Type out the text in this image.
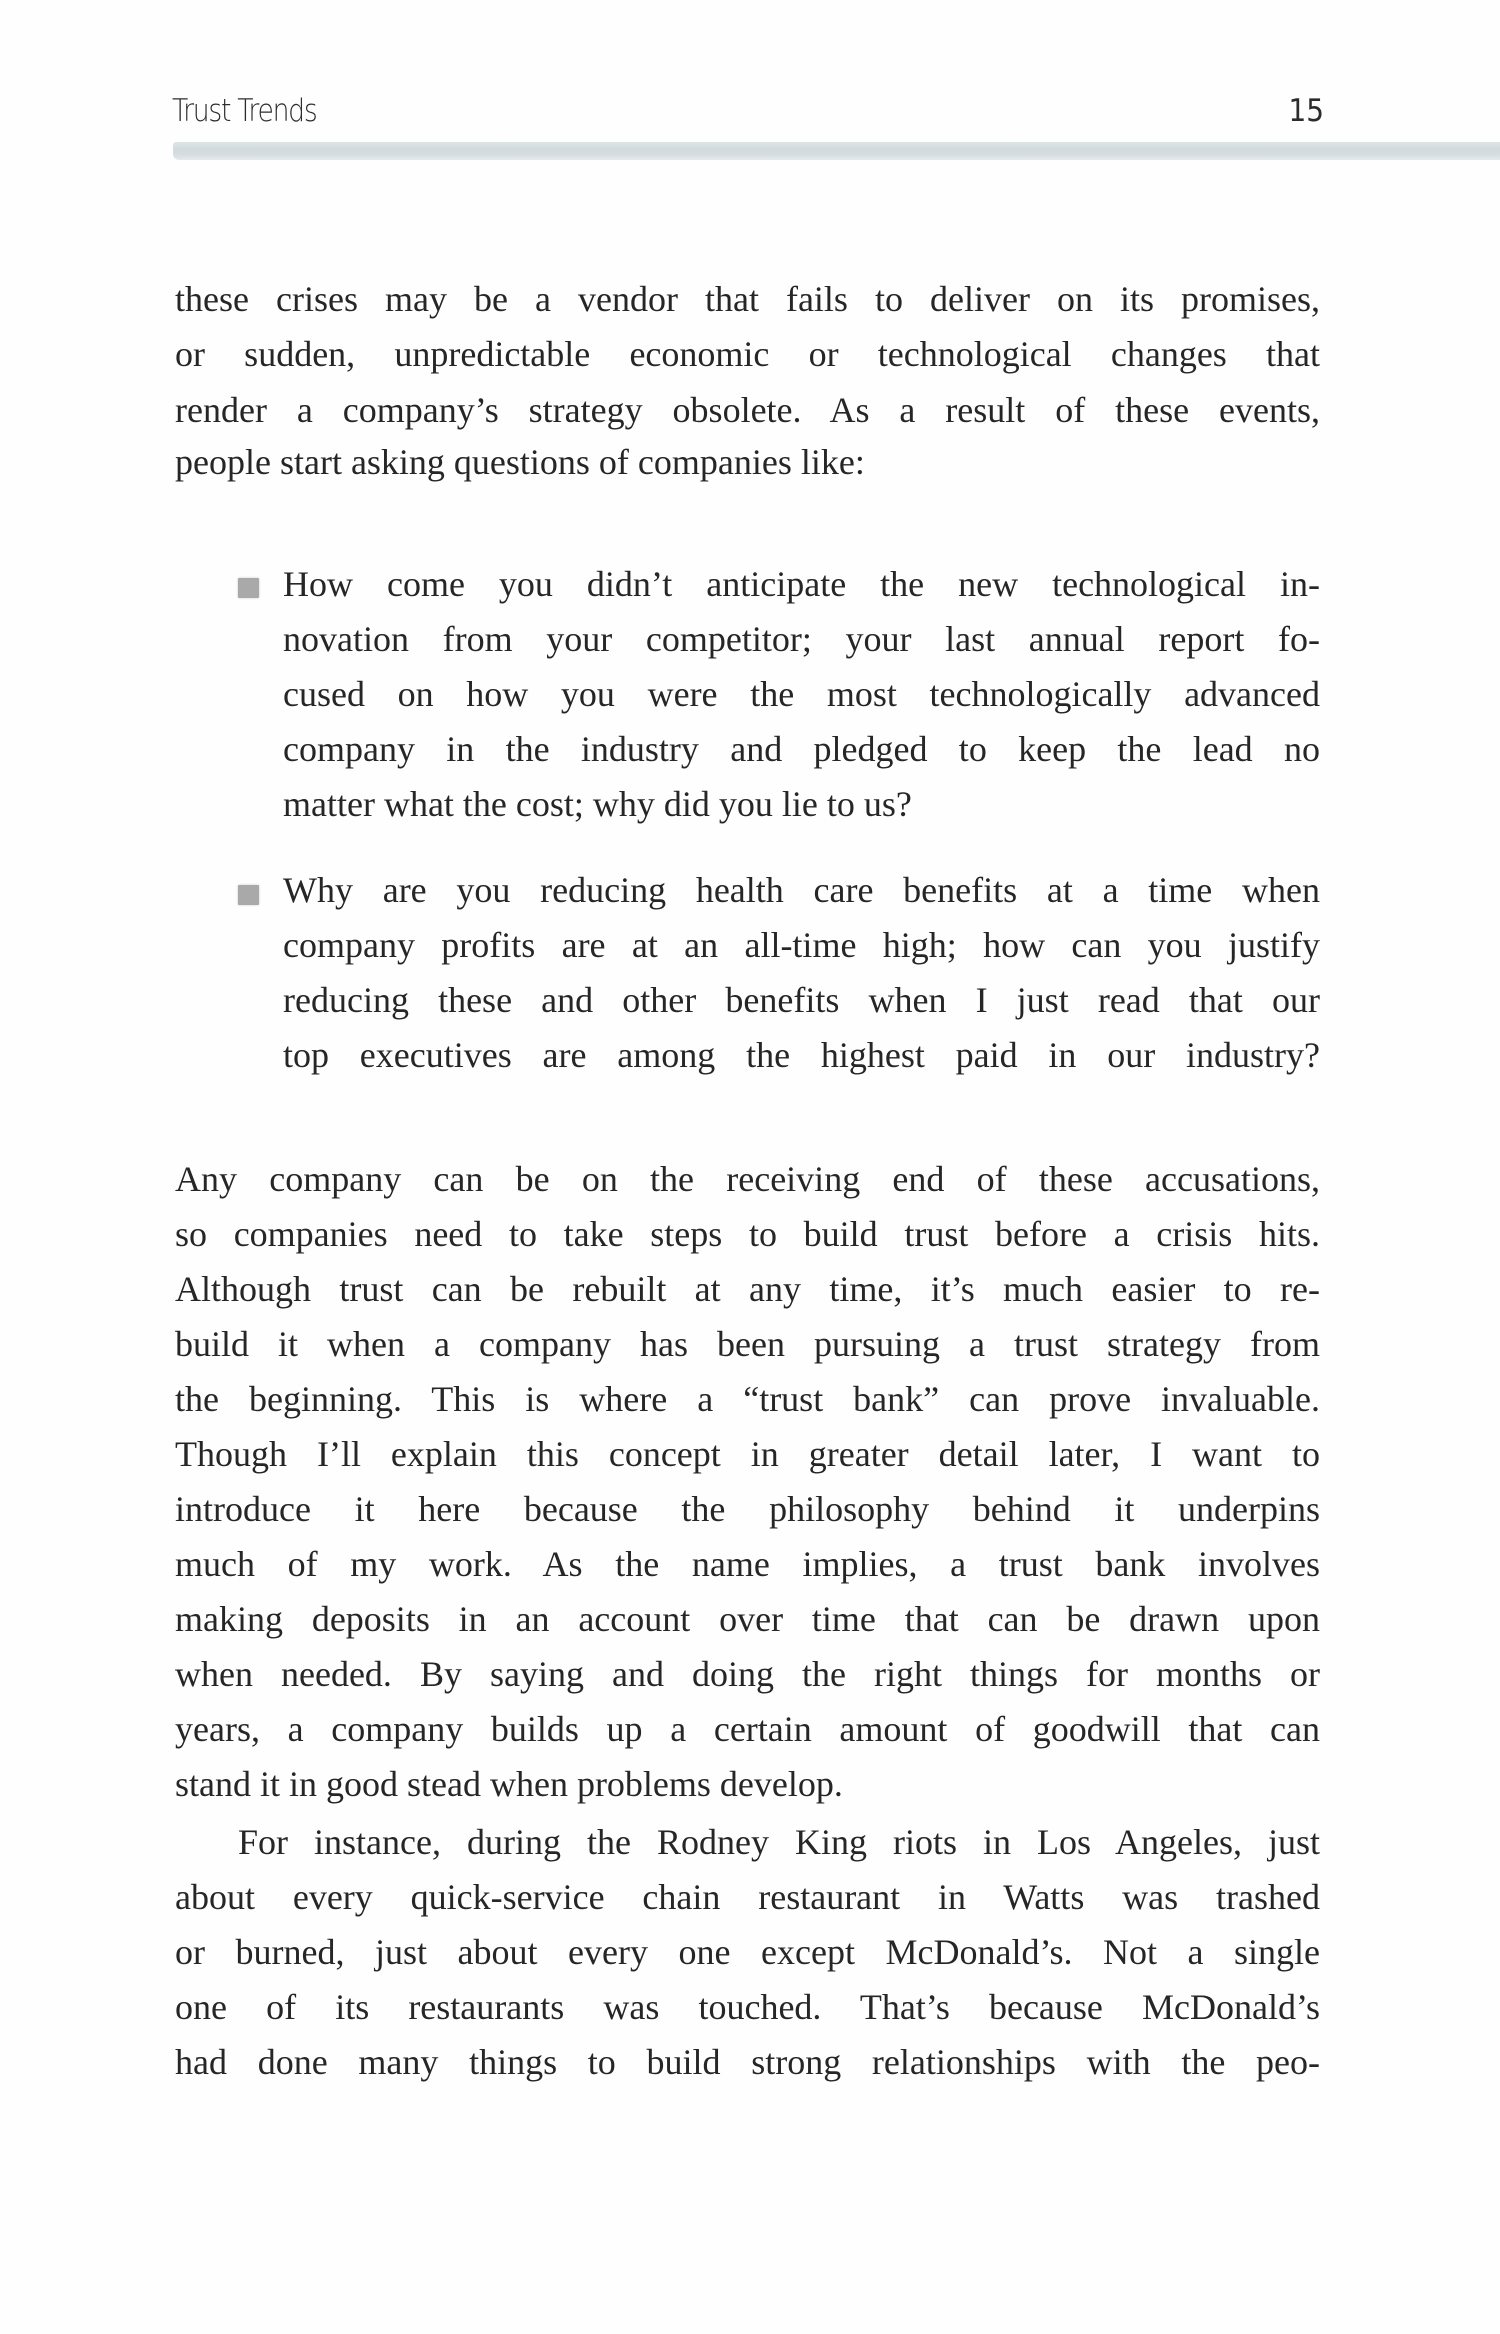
Trust Trends	15
these crises may be a vendor that fails to deliver on its promises,
or sudden, unpredictable economic or technological changes that
render a company’s strategy obsolete. As a result of these events,
people start asking questions of companies like:
How come you didn’t anticipate the new technological in-
novation from your competitor; your last annual report fo-
cused on how you were the most technologically advanced
company in the industry and pledged to keep the lead no
matter what the cost; why did you lie to us?
Why are you reducing health care benefits at a time when
company profits are at an all-time high; how can you justify
reducing these and other benefits when I just read that our
top executives are among the highest paid in our industry?
Any company can be on the receiving end of these accusations,
so companies need to take steps to build trust before a crisis hits.
Although trust can be rebuilt at any time, it’s much easier to re-
build it when a company has been pursuing a trust strategy from
the beginning. This is where a “trust bank” can prove invaluable.
Though I’ll explain this concept in greater detail later, I want to
introduce it here because the philosophy behind it underpins
much of my work. As the name implies, a trust bank involves
making deposits in an account over time that can be drawn upon
when needed. By saying and doing the right things for months or
years, a company builds up a certain amount of goodwill that can
stand it in good stead when problems develop.
For instance, during the Rodney King riots in Los Angeles, just
about every quick-service chain restaurant in Watts was trashed
or burned, just about every one except McDonald’s. Not a single
one of its restaurants was touched. That’s because McDonald’s
had done many things to build strong relationships with the peo-
